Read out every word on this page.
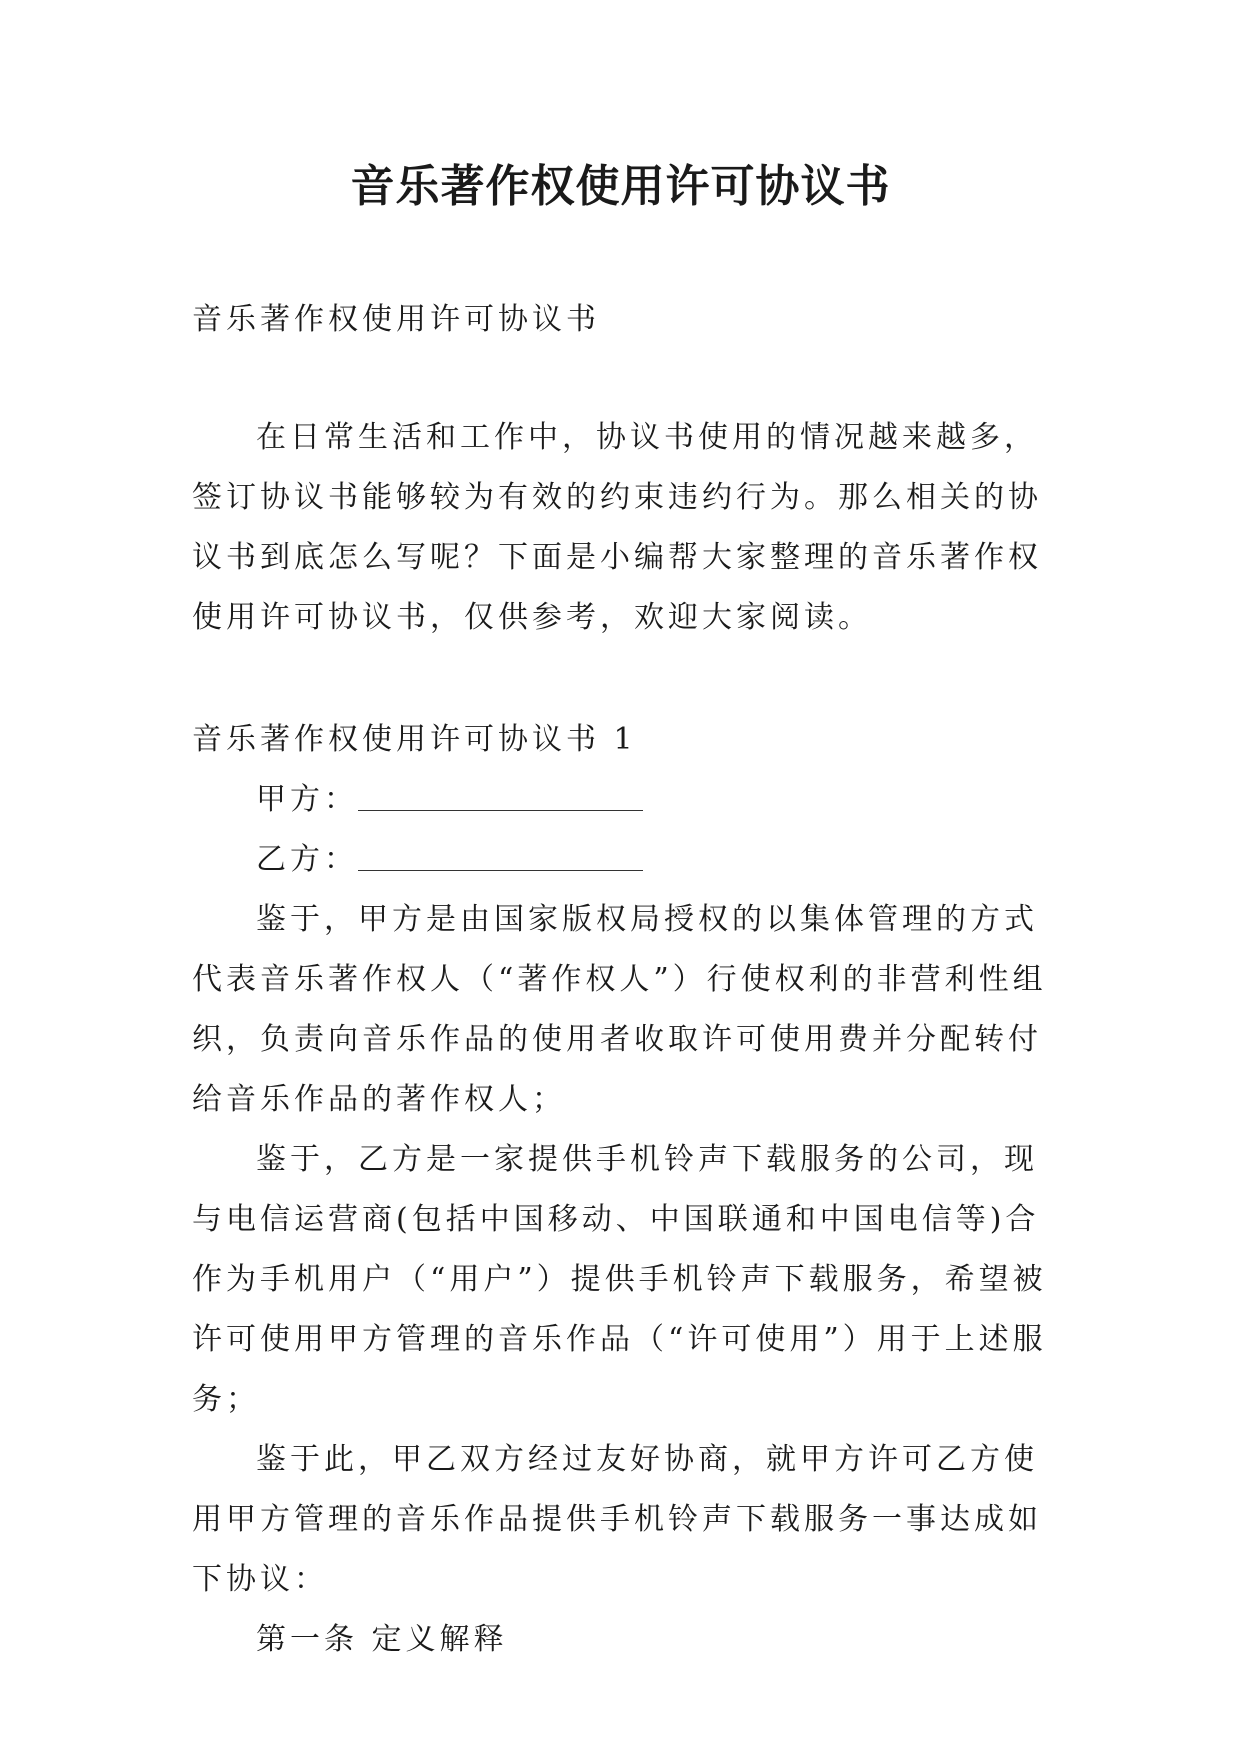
音乐著作权使用许可协议书

音乐著作权使用许可协议书

在日常生活和工作中，协议书使用的情况越来越多，签订协议书能够较为有效的约束违约行为。那么相关的协议书到底怎么写呢？下面是小编帮大家整理的音乐著作权使用许可协议书，仅供参考，欢迎大家阅读。

音乐著作权使用许可协议书 1

甲方：

乙方：

鉴于，甲方是由国家版权局授权的以集体管理的方式代表音乐著作权人（“著作权人”）行使权利的非营利性组织，负责向音乐作品的使用者收取许可使用费并分配转付给音乐作品的著作权人；

鉴于，乙方是一家提供手机铃声下载服务的公司，现与电信运营商(包括中国移动、中国联通和中国电信等)合作为手机用户（“用户”）提供手机铃声下载服务，希望被许可使用甲方管理的音乐作品（“许可使用”）用于上述服务；

鉴于此，甲乙双方经过友好协商，就甲方许可乙方使用甲方管理的音乐作品提供手机铃声下载服务一事达成如下协议：

第一条 定义解释
